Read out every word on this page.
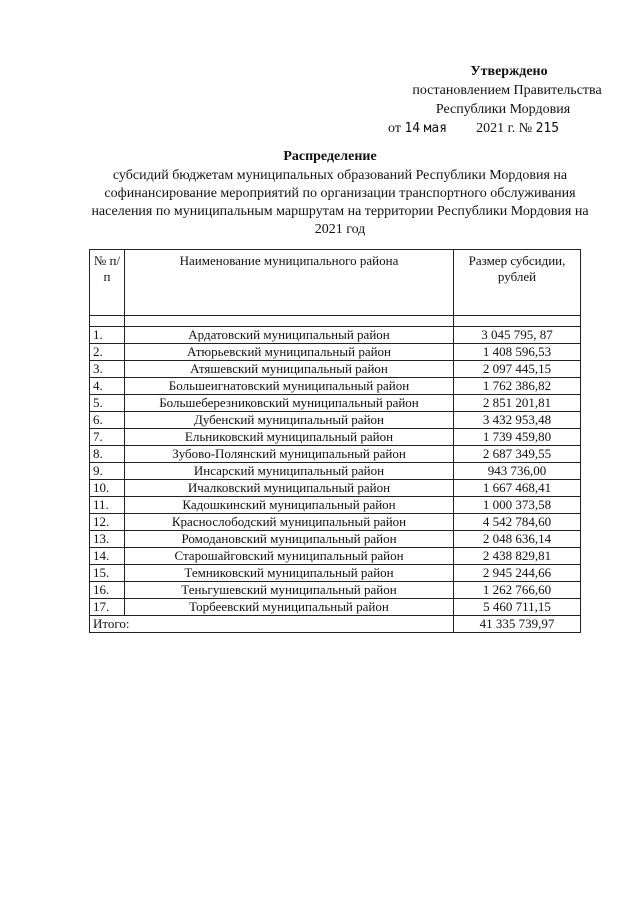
Утверждено
постановлением Правительства
Республики Мордовия
от 14 мая 2021 г. № 215
Распределение
субсидий бюджетам муниципальных образований Республики Мордовия на софинансирование мероприятий по организации транспортного обслуживания населения по муниципальным маршрутам на территории Республики Мордовия на 2021 год
№ п/п	Наименование муниципального района	Размер субсидии, рублей

1.	Ардатовский муниципальный район	3 045 795, 87
2.	Атюрьевский муниципальный район	1 408 596,53
3.	Атяшевский муниципальный район	2 097 445,15
4.	Большеигнатовский муниципальный район	1 762 386,82
5.	Большеберезниковский муниципальный район	2 851 201,81
6.	Дубенский муниципальный район	3 432 953,48
7.	Ельниковский муниципальный район	1 739 459,80
8.	Зубово-Полянский муниципальный район	2 687 349,55
9.	Инсарский муниципальный район	943 736,00
10.	Ичалковский муниципальный район	1 667 468,41
11.	Кадошкинский муниципальный район	1 000 373,58
12.	Краснослободский муниципальный район	4 542 784,60
13.	Ромодановский муниципальный район	2 048 636,14
14.	Старошайговский муниципальный район	2 438 829,81
15.	Темниковский муниципальный район	2 945 244,66
16.	Теньгушевский муниципальный район	1 262 766,60
17.	Торбеевский муниципальный район	5 460 711,15
Итого:		41 335 739,97
